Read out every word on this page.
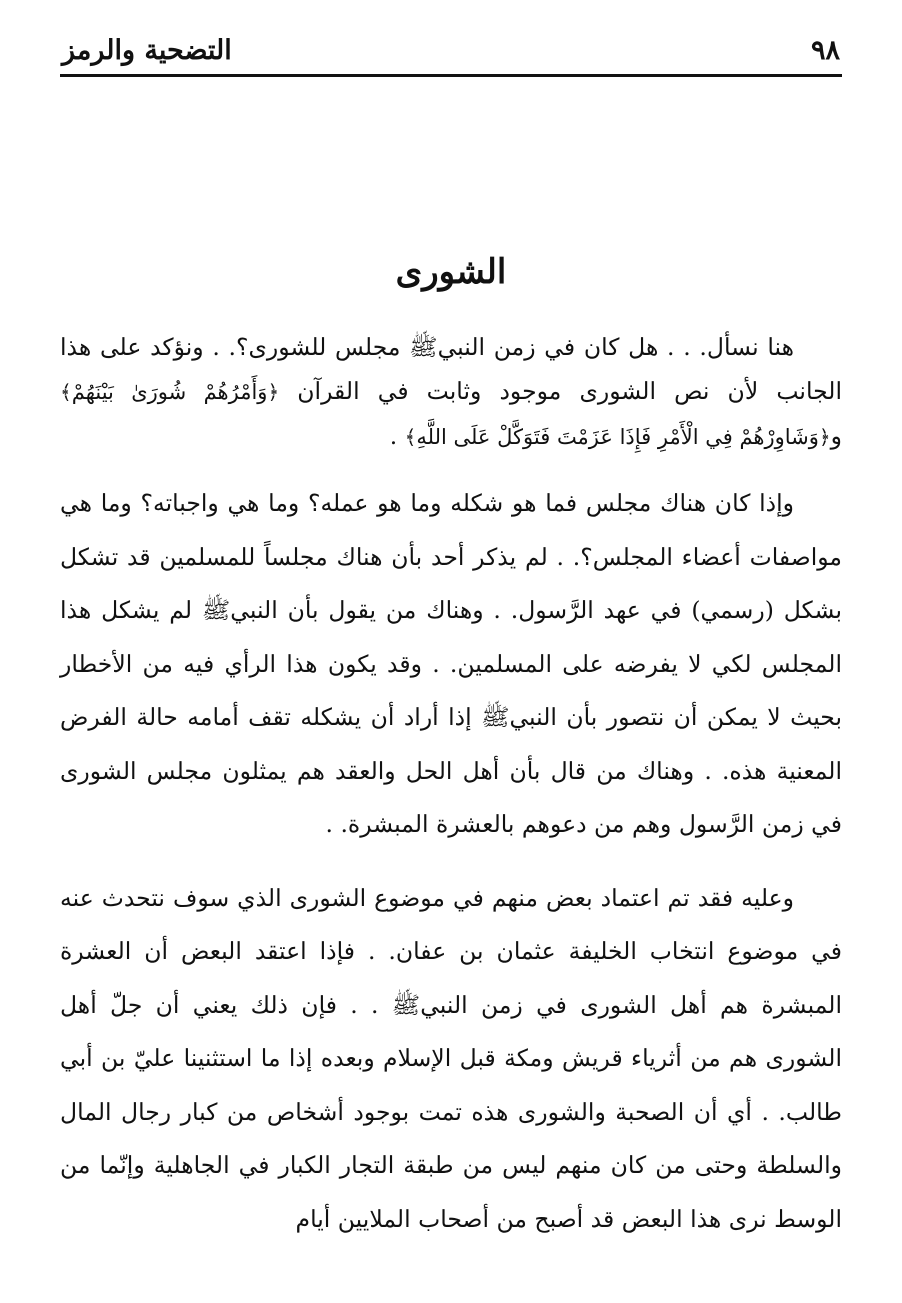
٩٨
التضحية والرمز
الشورى

هنا نسأل. . . هل كان في زمن النبيﷺ مجلس للشورى؟. . ونؤكد على هذا الجانب لأن نص الشورى موجود وثابت في القرآن ﴿وَأَمْرُهُمْ شُورَىٰ بَيْنَهُمْ﴾ و﴿وَشَاوِرْهُمْ فِي الْأَمْرِ فَإِذَا عَزَمْتَ فَتَوَكَّلْ عَلَى اللَّهِ﴾ .

وإذا كان هناك مجلس فما هو شكله وما هو عمله؟ وما هي واجباته؟ وما هي مواصفات أعضاء المجلس؟. . لم يذكر أحد بأن هناك مجلساً للمسلمين قد تشكل بشكل (رسمي) في عهد الرَّسول. . وهناك من يقول بأن النبيﷺ لم يشكل هذا المجلس لكي لا يفرضه على المسلمين. . وقد يكون هذا الرأي فيه من الأخطار بحيث لا يمكن أن نتصور بأن النبيﷺ إذا أراد أن يشكله تقف أمامه حالة الفرض المعنية هذه. . وهناك من قال بأن أهل الحل والعقد هم يمثلون مجلس الشورى في زمن الرَّسول وهم من دعوهم بالعشرة المبشرة. .

وعليه فقد تم اعتماد بعض منهم في موضوع الشورى الذي سوف نتحدث عنه في موضوع انتخاب الخليفة عثمان بن عفان. . فإذا اعتقد البعض أن العشرة المبشرة هم أهل الشورى في زمن النبيﷺ . . فإن ذلك يعني أن جلّ أهل الشورى هم من أثرياء قريش ومكة قبل الإسلام وبعده إذا ما استثنينا عليّ بن أبي طالب. . أي أن الصحبة والشورى هذه تمت بوجود أشخاص من كبار رجال المال والسلطة وحتى من كان منهم ليس من طبقة التجار الكبار في الجاهلية وإنّما من الوسط نرى هذا البعض قد أصبح من أصحاب الملايين أيام
